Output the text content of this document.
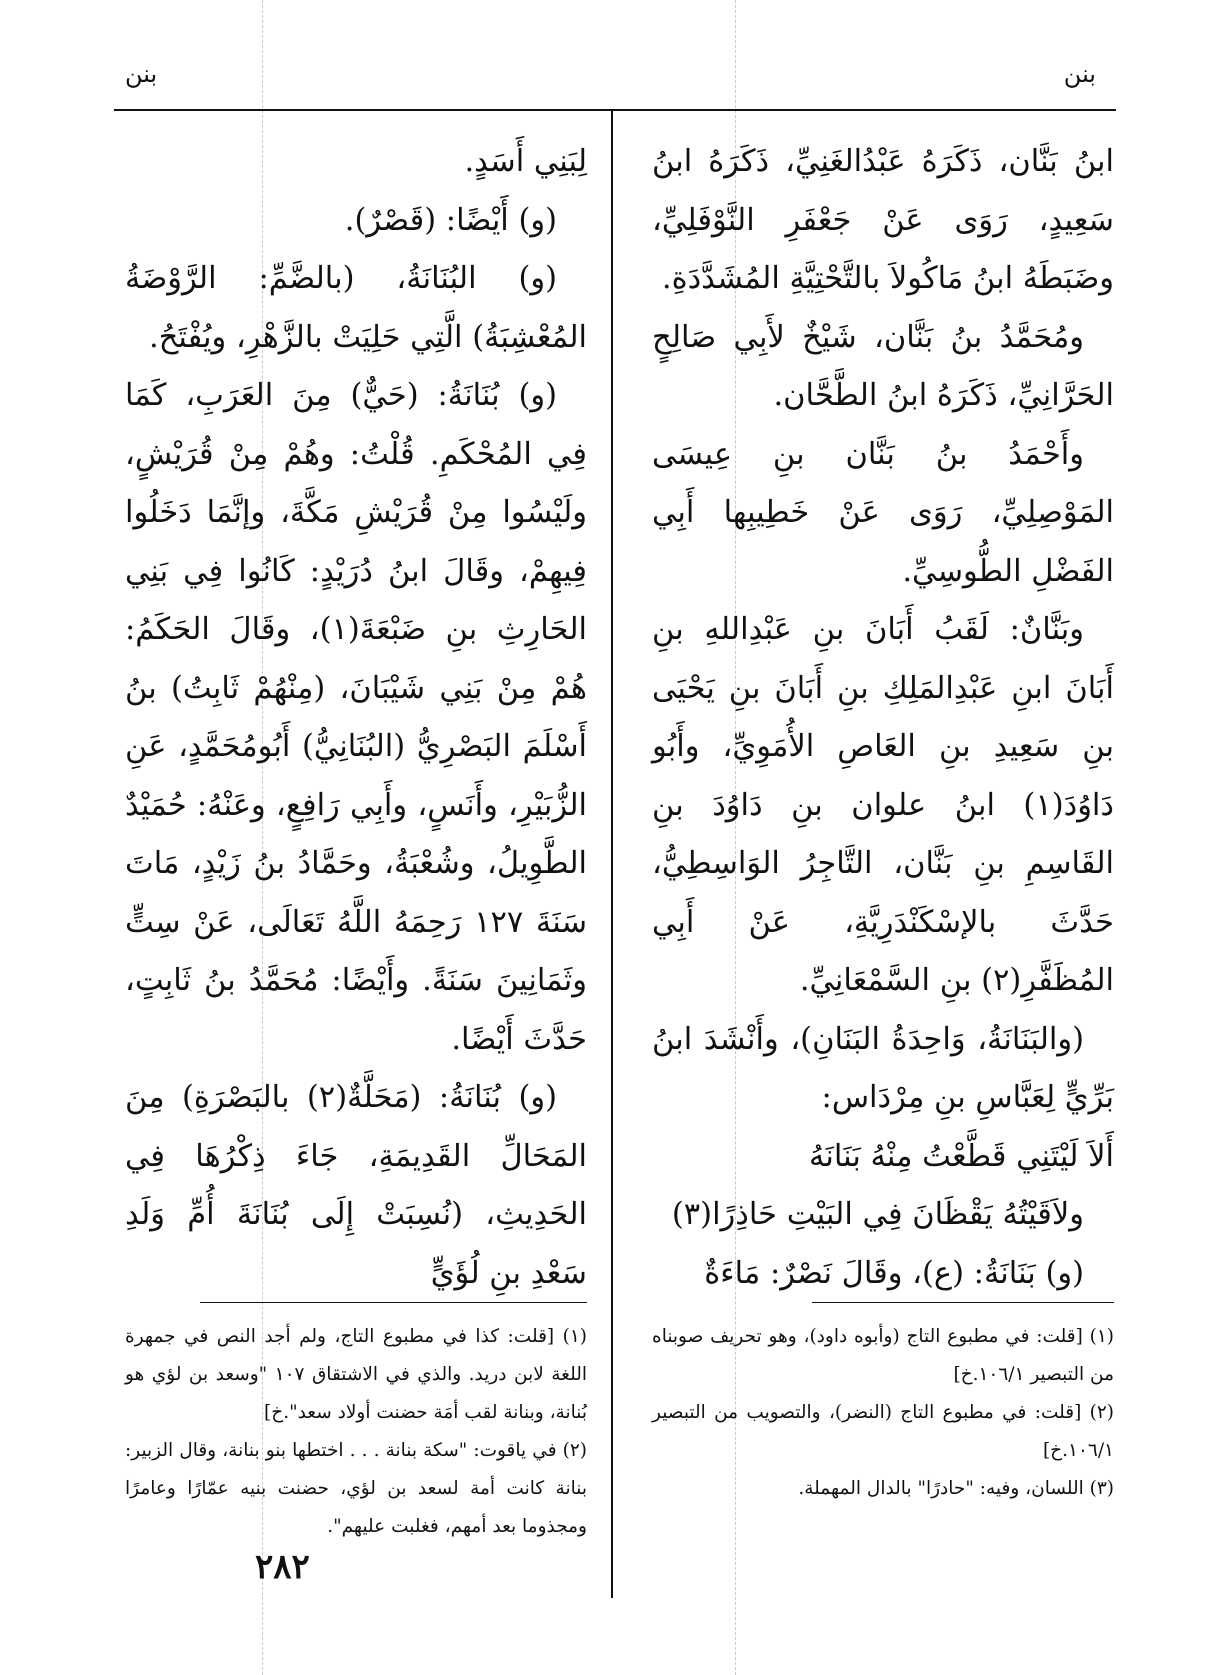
بنن
بنن

ابنُ بَنَّان، ذَكَرَهُ عَبْدُالغَنِيِّ، ذَكَرَهُ ابنُ سَعِيدٍ، رَوَى عَنْ جَعْفَرِ النَّوْفَلِيِّ، وضَبَطَهُ ابنُ مَاكُولاَ بالتَّحْتِيَّةِ المُشَدَّدَةِ.

ومُحَمَّدُ بنُ بَنَّان، شَيْخٌ لأَبِي صَالِحٍ الحَرَّانِيِّ، ذَكَرَهُ ابنُ الطَّحَّان.

وأَحْمَدُ بنُ بَنَّان بنِ عِيسَى المَوْصِلِيِّ، رَوَى عَنْ خَطِيبِها أَبِي الفَضْلِ الطُّوسِيِّ.

وبَنَّانٌ: لَقَبُ أَبَانَ بنِ عَبْدِاللهِ بنِ أَبَانَ ابنِ عَبْدِالمَلِكِ بنِ أَبَانَ بنِ يَحْيَى بنِ سَعِيدِ بنِ العَاصِ الأُمَوِيِّ، وأَبُو دَاوُدَ(١) ابنُ علوان بنِ دَاوُدَ بنِ القَاسِمِ بنِ بَنَّان، التَّاجِرُ الوَاسِطِيُّ، حَدَّثَ بالإسْكَنْدَرِيَّةِ، عَنْ أَبِي المُظَفَّرِ(٢) بنِ السَّمْعَانِيِّ.

(والبَنَانَةُ، وَاحِدَةُ البَنَانِ)، وأَنْشَدَ ابنُ بَرِّيٍّ لِعَبَّاسِ بنِ مِرْدَاس:

أَلاَ لَيْتَنِي قَطَّعْتُ مِنْهُ بَنَانَهُ

ولاَقَيْتُهُ يَقْظَانَ فِي البَيْتِ حَاذِرًا(٣)

(و) بَنَانَةُ: (ع)، وقَالَ نَصْرٌ: مَاءَةٌ

لِبَنِي أَسَدٍ.

(و) أَيْضًا: (قَصْرٌ).

(و) البُنَانَةُ، (بالضَّمِّ: الرَّوْضَةُ المُعْشِبَةُ) الَّتِي حَلِيَتْ بالزَّهْرِ، ويُفْتَحُ.

(و) بُنَانَةُ: (حَيٌّ) مِنَ العَرَبِ، كَمَا فِي المُحْكَمِ. قُلْتُ: وهُمْ مِنْ قُرَيْشٍ، ولَيْسُوا مِنْ قُرَيْشِ مَكَّةَ، وإنَّمَا دَخَلُوا فِيهِمْ، وقَالَ ابنُ دُرَيْدٍ: كَانُوا فِي بَنِي الحَارِثِ بنِ ضَبْعَةَ(١)، وقَالَ الحَكَمُ: هُمْ مِنْ بَنِي شَيْبَانَ، (مِنْهُمْ ثَابِتُ) بنُ أَسْلَمَ البَصْرِيُّ (البُنَانِيُّ) أَبُومُحَمَّدٍ، عَنِ الزُّبَيْرِ، وأَنَسٍ، وأَبِي رَافِعٍ، وعَنْهُ: حُمَيْدٌ الطَّوِيلُ، وشُعْبَةُ، وحَمَّادُ بنُ زَيْدٍ، مَاتَ سَنَةَ ١٢٧ رَحِمَهُ اللَّهُ تَعَالَى، عَنْ سِتٍّ وثَمَانِينَ سَنَةً. وأَيْضًا: مُحَمَّدُ بنُ ثَابِتٍ، حَدَّثَ أَيْضًا.

(و) بُنَانَةُ: (مَحَلَّةٌ(٢) بالبَصْرَةِ) مِنَ المَحَالِّ القَدِيمَةِ، جَاءَ ذِكْرُهَا فِي الحَدِيثِ، (نُسِبَتْ إِلَى بُنَانَةَ أُمِّ وَلَدِ سَعْدِ بنِ لُؤَيٍّ

(١) [قلت: في مطبوع التاج (وأبوه داود)، وهو تحريف صوبناه من التبصير ١٠٦/١.خ]

(٢) [قلت: في مطبوع التاج (النضر)، والتصويب من التبصير ١٠٦/١.خ]

(٣) اللسان، وفيه: "حادرًا" بالدال المهملة.

(١) [قلت: كذا في مطبوع التاج، ولم أجد النص في جمهرة اللغة لابن دريد. والذي في الاشتقاق ١٠٧ "وسعد بن لؤي هو بُنانة، وبنانة لقب أمَة حضنت أولاد سعد".خ]

(٢) في ياقوت: "سكة بنانة . . . اختطها بنو بنانة، وقال الزبير: بنانة كانت أمة لسعد بن لؤي، حضنت بنيه عمّارًا وعامرًا ومجذوما بعد أمهم، فغلبت عليهم".

٢٨٢
